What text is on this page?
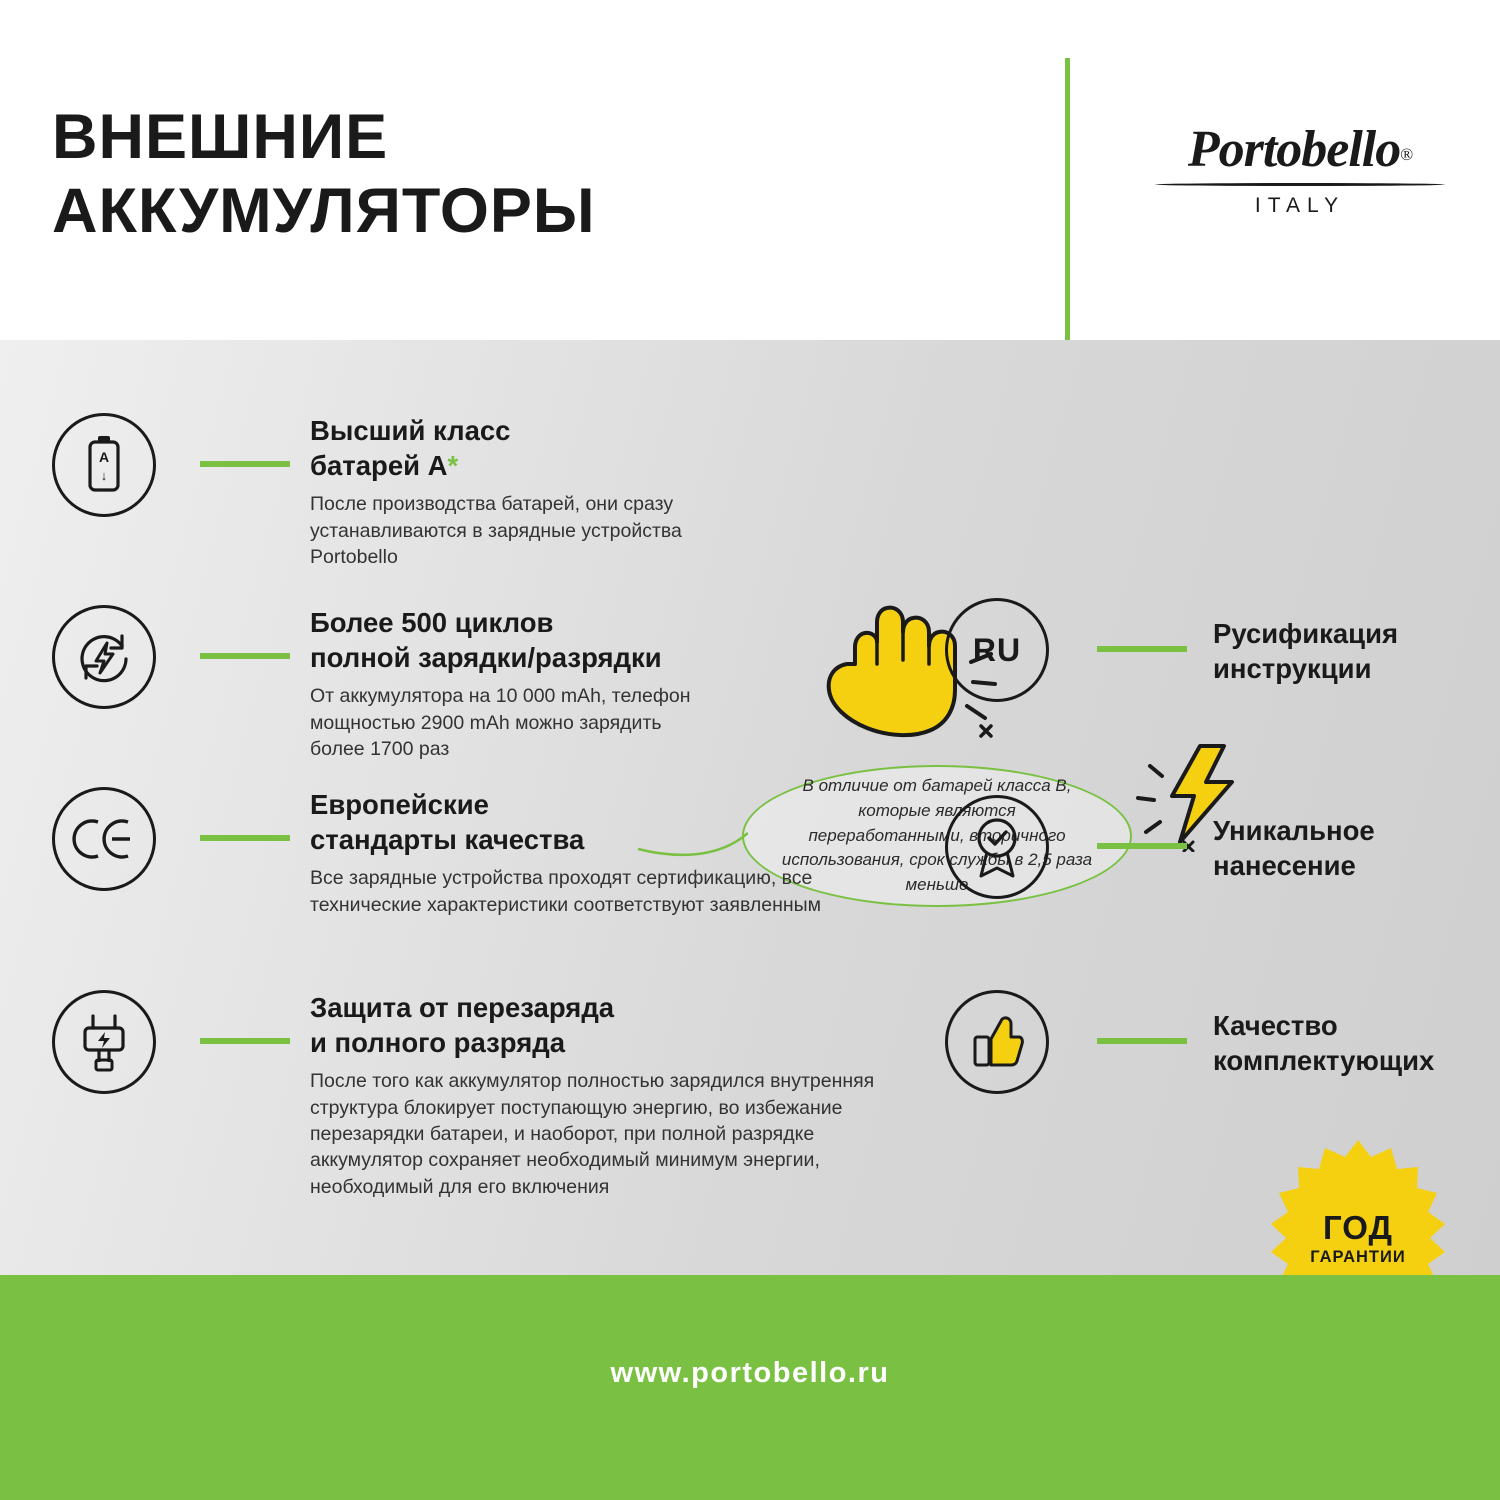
ВНЕШНИЕ
АККУМУЛЯТОРЫ
Portobello®
ITALY
В отличие от батарей класса В, которые являются переработанными, вторичного использования, срок службы в 2,5 раза меньше
A
↓
Высший класс
батарей А*
После производства батарей, они сразу устанавливаются в зарядные устройства Portobello
Более 500 циклов
полной зарядки/разрядки
От аккумулятора на 10 000 mAh, телефон мощностью 2900 mAh можно зарядить более 1700 раз
Европейские
стандарты качества
Все зарядные устройства проходят сертификацию, все технические характеристики соответствуют заявленным
Защита от перезаряда
и полного разряда
После того как аккумулятор полностью зарядился внутренняя структура блокирует поступающую энергию, во избежание перезарядки батареи, и наоборот, при полной разрядке аккумулятор сохраняет необходимый минимум энергии, необходимый для его включения
RU	Русификация
инструкции
Уникальное
нанесение
Качество
комплектующих
ГОД
ГАРАНТИИ
www.portobello.ru
